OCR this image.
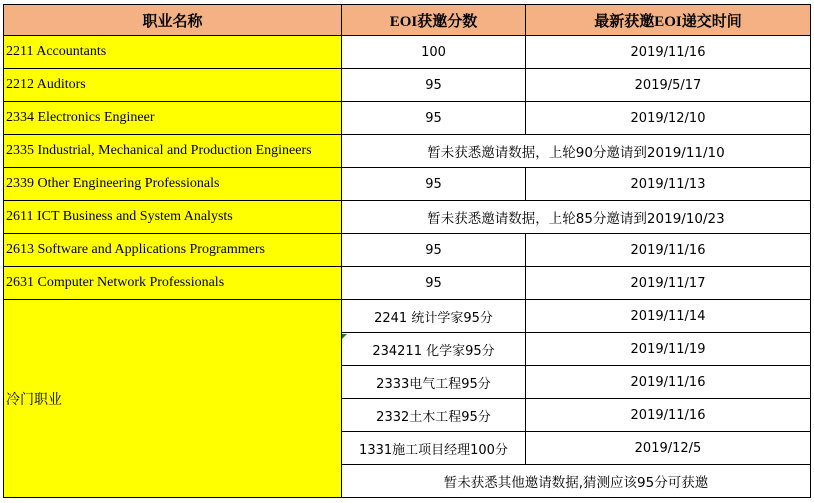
职业名称	EOI获邀分数	最新获邀EOI递交时间
2211 Accountants	100	2019/11/16
2212 Auditors	95	2019/5/17
2334 Electronics Engineer	95	2019/12/10
2335 Industrial, Mechanical and Production Engineers	暂未获悉邀请数据，上轮90分邀请到2019/11/10	
2339 Other Engineering Professionals	95	2019/11/13
2611 ICT Business and System Analysts	暂未获悉邀请数据，上轮85分邀请到2019/10/23	
2613 Software and Applications Programmers	95	2019/11/16
2631 Computer Network Professionals	95	2019/11/17
冷门职业	2241 统计学家95分	2019/11/14
	234211 化学家95分	2019/11/19
	2333电气工程95分	2019/11/16
	2332土木工程95分	2019/11/16
	1331施工项目经理100分	2019/12/5
	暂未获悉其他邀请数据,猜测应该95分可获邀	
